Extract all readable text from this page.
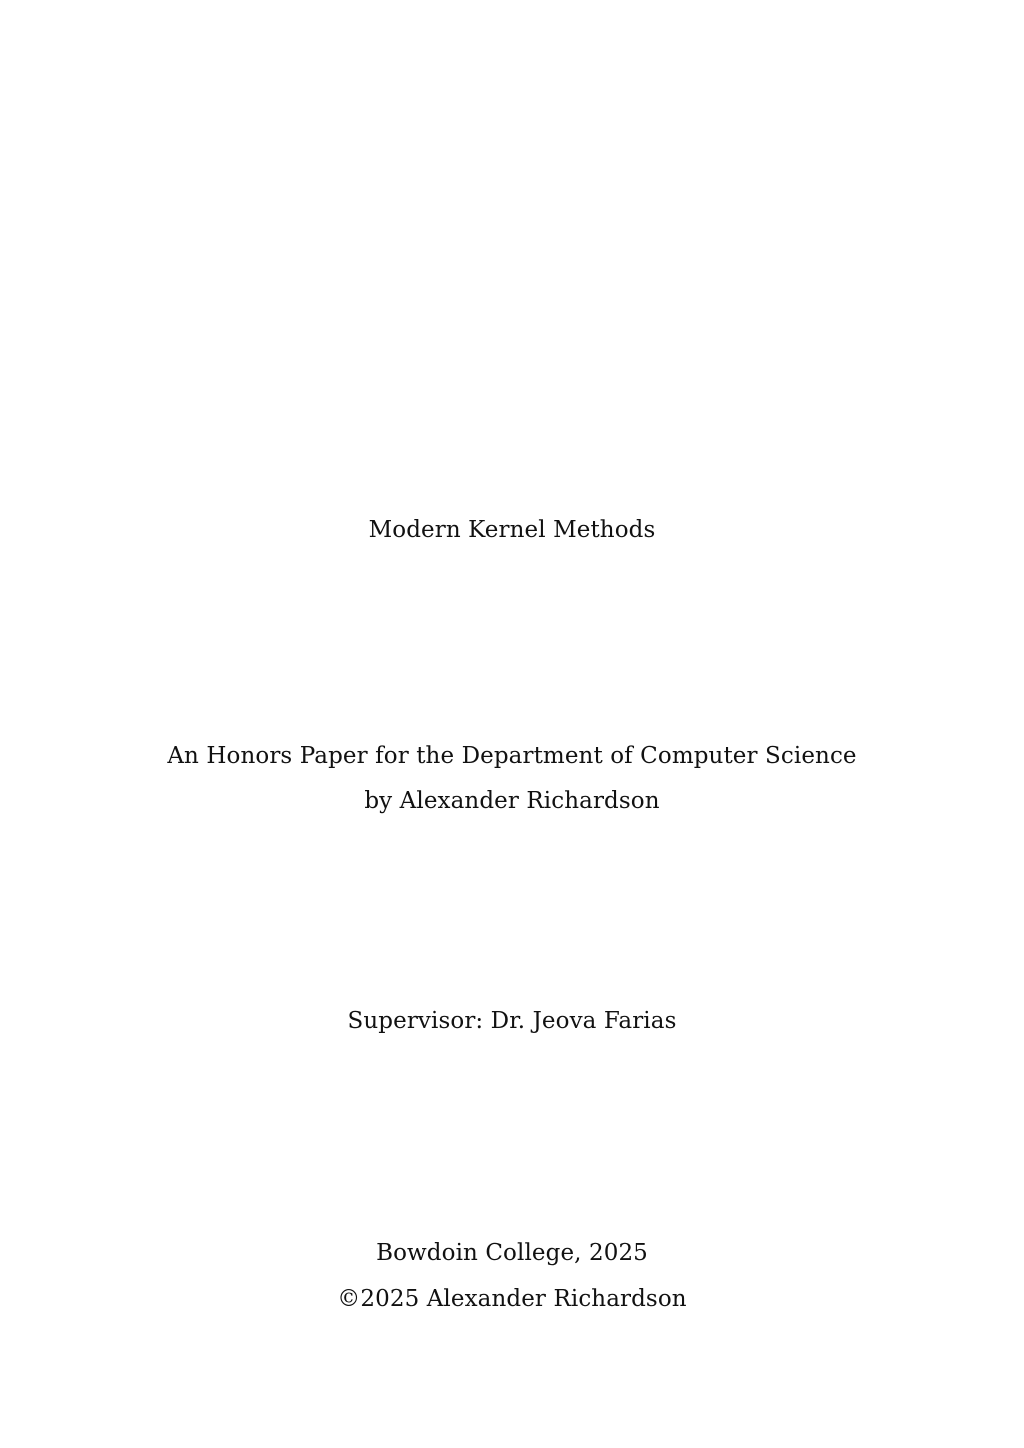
Modern Kernel Methods
An Honors Paper for the Department of Computer Science
by Alexander Richardson
Supervisor: Dr. Jeova Farias
Bowdoin College, 2025
©2025 Alexander Richardson
